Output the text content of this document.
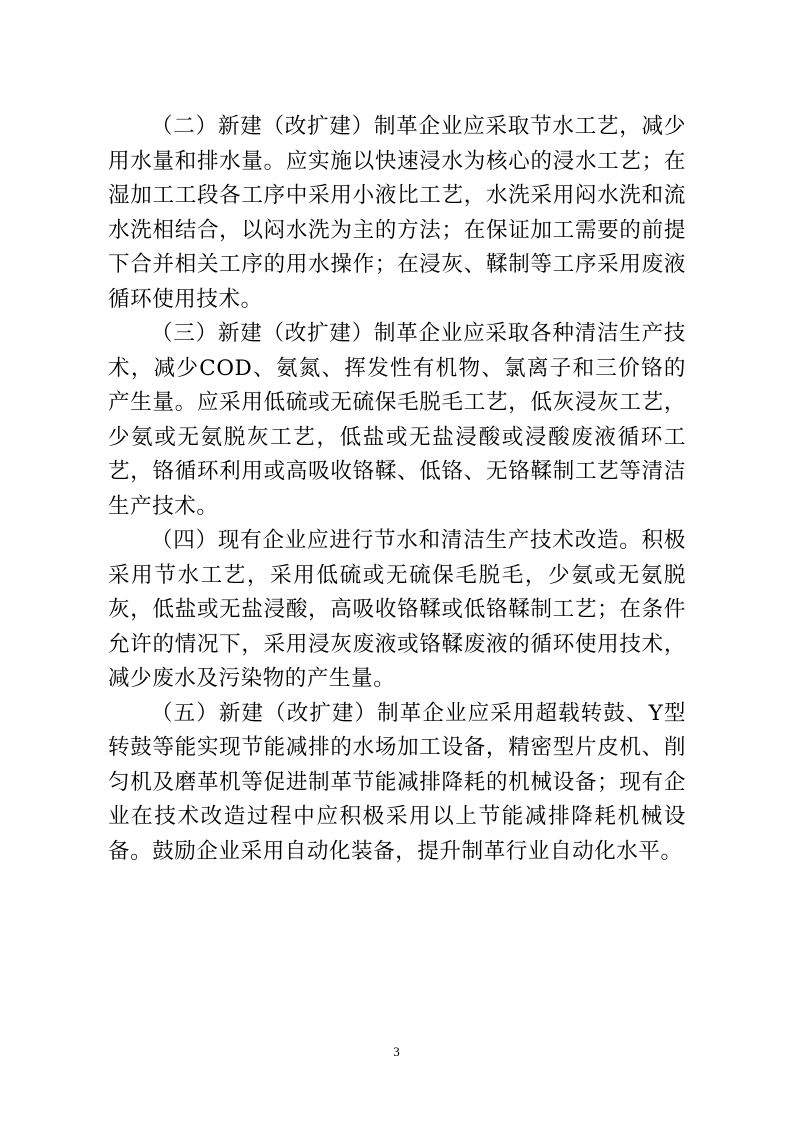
（二）新建（改扩建）制革企业应采取节水工艺，减少用水量和排水量。应实施以快速浸水为核心的浸水工艺；在湿加工工段各工序中采用小液比工艺，水洗采用闷水洗和流水洗相结合，以闷水洗为主的方法；在保证加工需要的前提下合并相关工序的用水操作；在浸灰、鞣制等工序采用废液循环使用技术。

（三）新建（改扩建）制革企业应采取各种清洁生产技术，减少COD、氨氮、挥发性有机物、氯离子和三价铬的产生量。应采用低硫或无硫保毛脱毛工艺，低灰浸灰工艺，少氨或无氨脱灰工艺，低盐或无盐浸酸或浸酸废液循环工艺，铬循环利用或高吸收铬鞣、低铬、无铬鞣制工艺等清洁生产技术。

（四）现有企业应进行节水和清洁生产技术改造。积极采用节水工艺，采用低硫或无硫保毛脱毛，少氨或无氨脱灰，低盐或无盐浸酸，高吸收铬鞣或低铬鞣制工艺；在条件允许的情况下，采用浸灰废液或铬鞣废液的循环使用技术，减少废水及污染物的产生量。

（五）新建（改扩建）制革企业应采用超载转鼓、Y型转鼓等能实现节能减排的水场加工设备，精密型片皮机、削匀机及磨革机等促进制革节能减排降耗的机械设备；现有企业在技术改造过程中应积极采用以上节能减排降耗机械设备。鼓励企业采用自动化装备，提升制革行业自动化水平。

3
